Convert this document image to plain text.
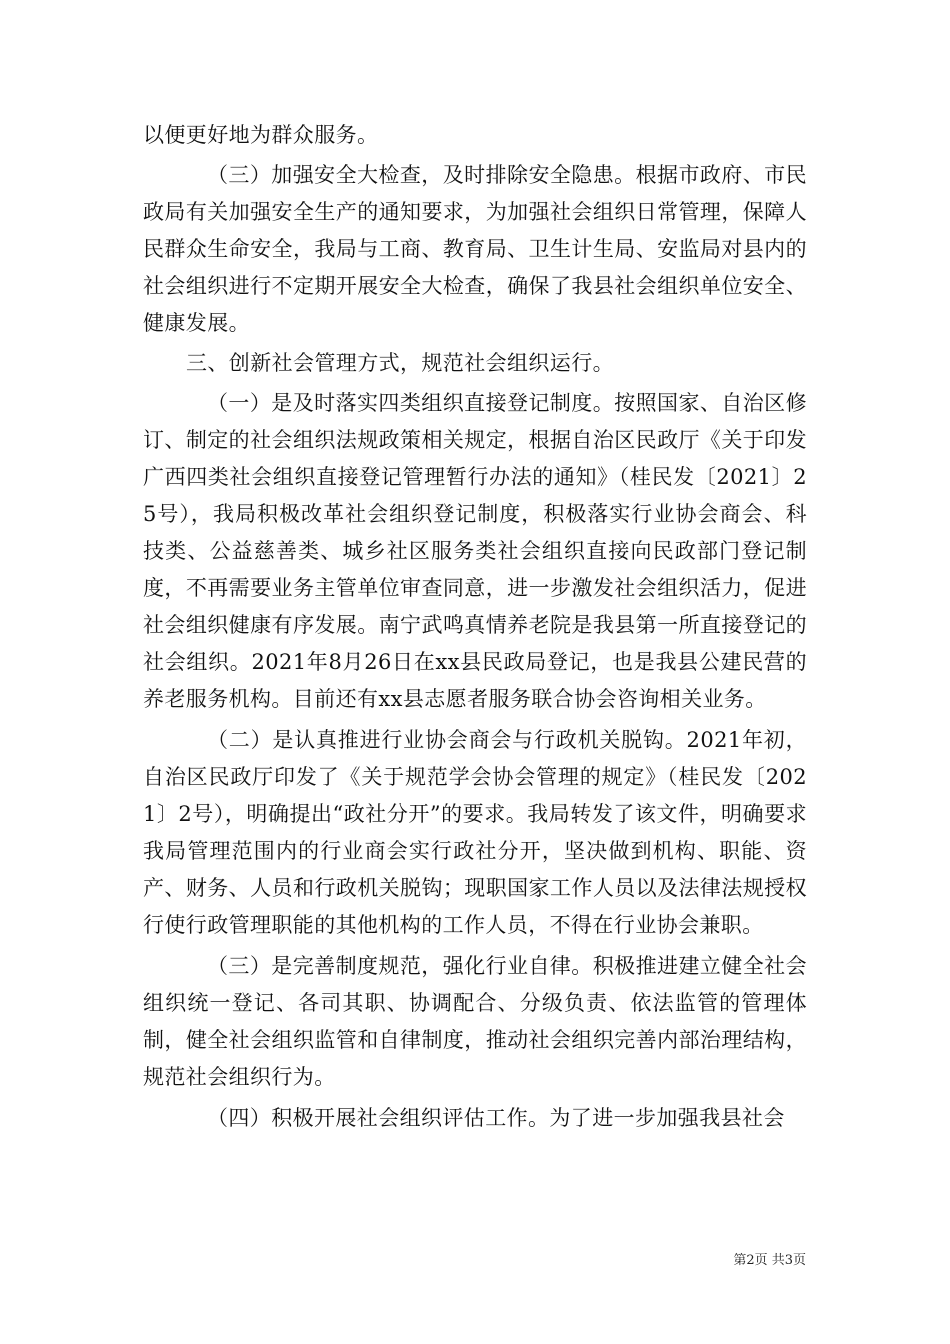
以便更好地为群众服务。

（三）加强安全大检查，及时排除安全隐患。根据市政府、市民政局有关加强安全生产的通知要求，为加强社会组织日常管理，保障人民群众生命安全，我局与工商、教育局、卫生计生局、安监局对县内的社会组织进行不定期开展安全大检查，确保了我县社会组织单位安全、健康发展。

三、创新社会管理方式，规范社会组织运行。

（一）是及时落实四类组织直接登记制度。按照国家、自治区修订、制定的社会组织法规政策相关规定，根据自治区民政厅《关于印发广西四类社会组织直接登记管理暂行办法的通知》（桂民发〔2021〕25号），我局积极改革社会组织登记制度，积极落实行业协会商会、科技类、公益慈善类、城乡社区服务类社会组织直接向民政部门登记制度，不再需要业务主管单位审查同意，进一步激发社会组织活力，促进社会组织健康有序发展。南宁武鸣真情养老院是我县第一所直接登记的社会组织。2021年8月26日在xx县民政局登记，也是我县公建民营的养老服务机构。目前还有xx县志愿者服务联合协会咨询相关业务。

（二）是认真推进行业协会商会与行政机关脱钩。2021年初，自治区民政厅印发了《关于规范学会协会管理的规定》（桂民发〔2021〕2号），明确提出“政社分开”的要求。我局转发了该文件，明确要求我局管理范围内的行业商会实行政社分开，坚决做到机构、职能、资产、财务、人员和行政机关脱钩；现职国家工作人员以及法律法规授权行使行政管理职能的其他机构的工作人员，不得在行业协会兼职。

（三）是完善制度规范，强化行业自律。积极推进建立健全社会组织统一登记、各司其职、协调配合、分级负责、依法监管的管理体制，健全社会组织监管和自律制度，推动社会组织完善内部治理结构，规范社会组织行为。

（四）积极开展社会组织评估工作。为了进一步加强我县社会

第2页 共3页
